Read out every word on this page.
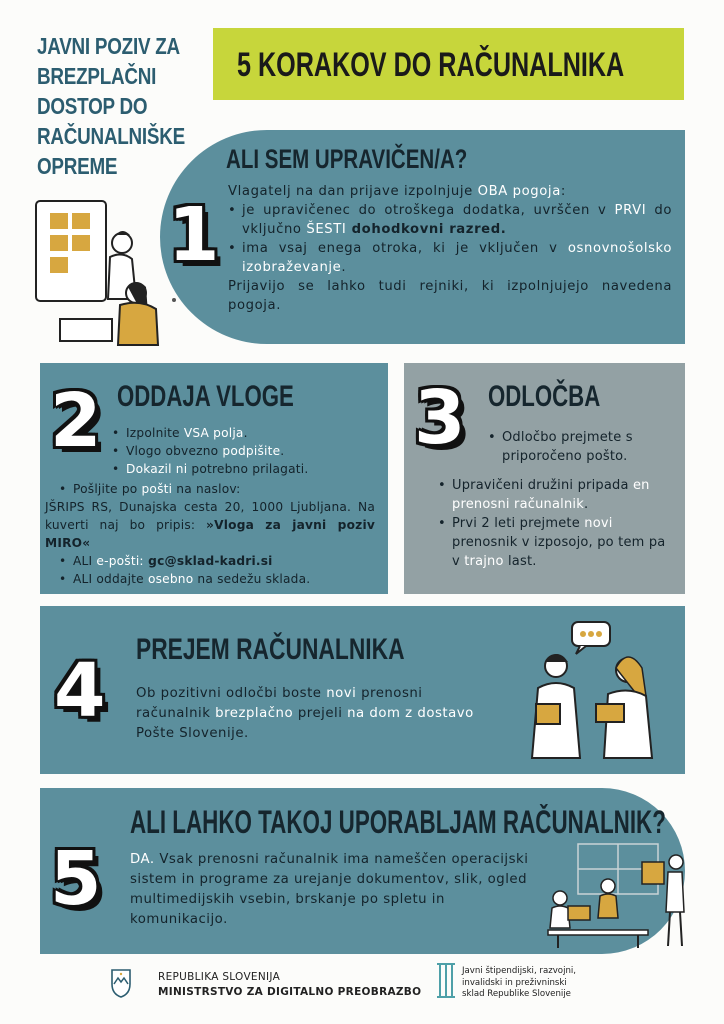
JAVNI POZIV ZA
BREZPLAČNI
DOSTOP DO
RAČUNALNIŠKE
OPREME
5 KORAKOV DO RAČUNALNIKA
1
ALI SEM UPRAVIČEN/A?
Vlagatelj na dan prijave izpolnjuje OBA pogoja:
• je upravičenec do otroškega dodatka, uvrščen v PRVI do vključno ŠESTI dohodkovni razred.
• ima vsaj enega otroka, ki je vključen v osnovnošolsko izobraževanje.
Prijavijo se lahko tudi rejniki, ki izpolnjujejo navedena pogoja.
2 ODDAJA VLOGE
• Izpolnite VSA polja.
• Vlogo obvezno podpišite.
• Dokazil ni potrebno prilagati.
• Pošljite po pošti na naslov:
JŠRIPS RS, Dunajska cesta 20, 1000 Ljubljana. Na kuverti naj bo pripis: »Vloga za javni poziv MIRO«
• ALI e-pošti: gc@sklad-kadri.si
• ALI oddajte osebno na sedežu sklada.
3 ODLOČBA
• Odločbo prejmete s priporočeno pošto.
• Upravičeni družini pripada en prenosni računalnik.
• Prvi 2 leti prejmete novi prenosnik v izposojo, po tem pa v trajno last.
4 PREJEM RAČUNALNIKA
Ob pozitivni odločbi boste novi prenosni računalnik brezplačno prejeli na dom z dostavo Pošte Slovenije.
5
ALI LAHKO TAKOJ UPORABLJAM RAČUNALNIK?
DA. Vsak prenosni računalnik ima nameščen operacijski sistem in programe za urejanje dokumentov, slik, ogled multimedijskih vsebin, brskanje po spletu in komunikacijo.
REPUBLIKA SLOVENIJA
MINISTRSTVO ZA DIGITALNO PREOBRAZBO
Javni štipendijski, razvojni,
invalidski in preživninski
sklad Republike Slovenije
